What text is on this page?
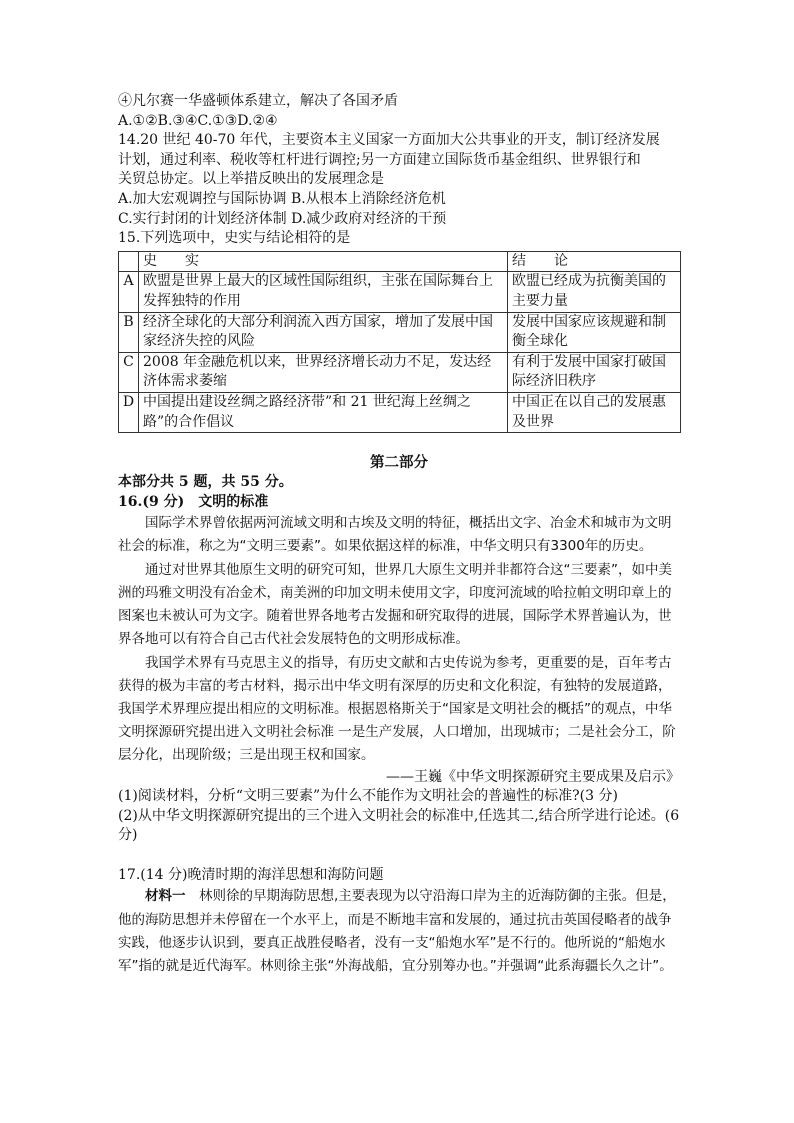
④凡尔赛一华盛顿体系建立，解决了各国矛盾
A.①②B.③④C.①③D.②④
14.20 世纪 40-70 年代，主要资本主义国家一方面加大公共事业的开支，制订经济发展
计划，通过利率、税收等杠杆进行调控;另一方面建立国际货币基金组织、世界银行和
关贸总协定。以上举措反映出的发展理念是
A.加大宏观调控与国际协调 B.从根本上消除经济危机
C.实行封闭的计划经济体制 D.减少政府对经济的干预
15.下列选项中，史实与结论相符的是
	史　　实	结　　论
A	欧盟是世界上最大的区域性国际组织，主张在国际舞台上发挥独特的作用	欧盟已经成为抗衡美国的主要力量
B	经济全球化的大部分利润流入西方国家，增加了发展中国家经济失控的风险	发展中国家应该规避和制衡全球化
C	2008 年金融危机以来，世界经济增长动力不足，发达经济体需求萎缩	有利于发展中国家打破国际经济旧秩序
D	中国提出建设丝绸之路经济带”和 21 世纪海上丝绸之路”的合作倡议	中国正在以自己的发展惠及世界
第二部分
本部分共 5 题，共 55 分。
16.(9 分)　文明的标准

国际学术界曾依据两河流域文明和古埃及文明的特征，概括出文字、冶金术和城市为文明社会的标准，称之为“文明三要素”。如果依据这样的标准，中华文明只有3300年的历史。

通过对世界其他原生文明的研究可知，世界几大原生文明并非都符合这“三要素”，如中美洲的玛雅文明没有冶金术，南美洲的印加文明未使用文字，印度河流域的哈拉帕文明印章上的图案也未被认可为文字。随着世界各地考古发掘和研究取得的进展，国际学术界普遍认为，世界各地可以有符合自己古代社会发展特色的文明形成标准。

我国学术界有马克思主义的指导，有历史文献和古史传说为参考，更重要的是，百年考古获得的极为丰富的考古材料，揭示出中华文明有深厚的历史和文化积淀，有独特的发展道路，我国学术界理应提出相应的文明标准。根据恩格斯关于“国家是文明社会的概括”的观点，中华文明探源研究提出进入文明社会标准 一是生产发展，人口增加，出现城市；二是社会分工，阶层分化，出现阶级；三是出现王权和国家。

——王巍《中华文明探源研究主要成果及启示》
(1)阅读材料，分析“文明三要素”为什么不能作为文明社会的普遍性的标准?(3 分)
(2)从中华文明探源研究提出的三个进入文明社会的标准中,任选其二,结合所学进行论述。(6 分)
17.(14 分)晚清时期的海洋思想和海防问题

材料一　林则徐的早期海防思想,主要表现为以守沿海口岸为主的近海防御的主张。但是，他的海防思想并未停留在一个水平上，而是不断地丰富和发展的，通过抗击英国侵略者的战争实践，他逐步认识到，要真正战胜侵略者，没有一支“船炮水军”是不行的。他所说的“船炮水军”指的就是近代海军。林则徐主张“外海战船，宜分别筹办也。”并强调“此系海疆长久之计”。
